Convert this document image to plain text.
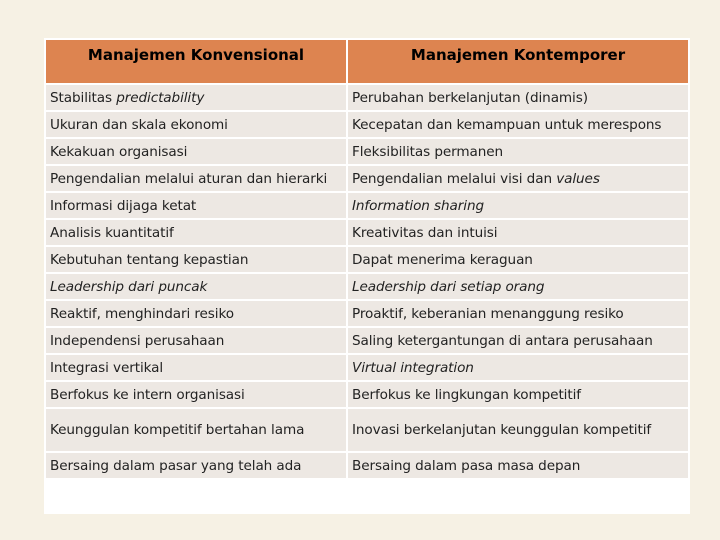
Manajemen Konvensional	Manajemen Kontemporer
Stabilitas predictability	Perubahan berkelanjutan (dinamis)
Ukuran dan skala ekonomi	Kecepatan dan kemampuan untuk merespons
Kekakuan organisasi	Fleksibilitas permanen
Pengendalian melalui aturan dan hierarki	Pengendalian melalui visi dan values
Informasi dijaga ketat	Information sharing
Analisis kuantitatif	Kreativitas dan intuisi
Kebutuhan tentang kepastian	Dapat menerima keraguan
Leadership dari puncak	Leadership dari setiap orang
Reaktif, menghindari resiko	Proaktif, keberanian menanggung resiko
Independensi perusahaan	Saling ketergantungan di antara perusahaan
Integrasi vertikal	Virtual integration
Berfokus ke intern organisasi	Berfokus ke lingkungan kompetitif
Keunggulan kompetitif bertahan lama	Inovasi berkelanjutan keunggulan kompetitif
Bersaing dalam pasar yang telah ada	Bersaing dalam pasa masa depan
